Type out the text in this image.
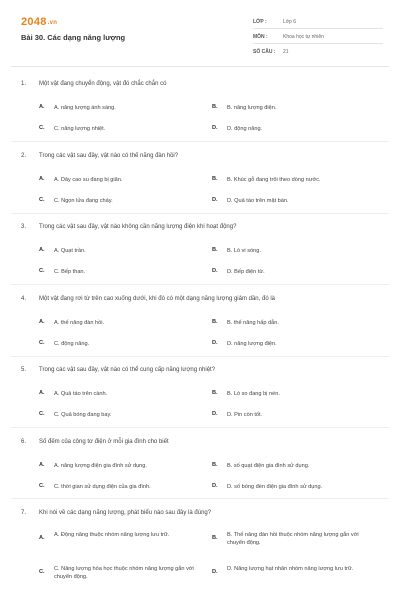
2048.vn
Bài 30. Các dạng năng lượng
LỚP :	Lớp 6
MÔN :	Khoa học tự nhiên
SỐ CÂU : 21
1. Một vật đang chuyển động, vật đó chắc chắn có
A. A. năng lượng ánh sáng.	B. B. năng lượng điện.
C. C. năng lượng nhiệt.	D. D. động năng.
2. Trong các vật sau đây, vật nào có thế năng đàn hồi?
A. A. Dây cao su đang bị giãn.	B. B. Khúc gỗ đang trôi theo dòng nước.
C. C. Ngọn lửa đang cháy.	D. D. Quả táo trên mặt bàn.
3. Trong các vật sau đây, vật nào không cần năng lượng điện khi hoạt động?
A. A. Quạt trần.	B. B. Lò vi sóng.
C. C. Bếp than.	D. D. Bếp điện từ.
4. Một vật đang rơi từ trên cao xuống dưới, khi đó có một dạng năng lượng giảm dần, đó là
A. A. thế năng đàn hồi.	B. B. thế năng hấp dẫn.
C. C. động năng.	D. D. năng lượng điện.
5. Trong các vật sau đây, vật nào có thể cung cấp năng lượng nhiệt?
A. A. Quả táo trên cành.	B. B. Lò xo đang bị nén.
C. C. Quả bóng đang bay.	D. D. Pin còn tốt.
6. Số đếm của công tơ điện ở mỗi gia đình cho biết
A. A. năng lượng điện gia đình sử dụng.	B. B. số quạt điện gia đình sử dụng.
C. C. thời gian sử dụng điện của gia đình.	D. D. số bóng đèn điện gia đình sử dụng.
7. Khi nói về các dạng năng lượng, phát biểu nào sau đây là đúng?
A. A. Động năng thuộc nhóm năng lượng lưu trữ.	B. B. Thế năng đàn hồi thuộc nhóm năng lượng gắn với chuyển động.
C. C. Năng lượng hóa học thuộc nhóm năng lượng gắn với chuyển động.
D. D. Năng lượng hạt nhân nhóm năng lượng lưu trữ.
